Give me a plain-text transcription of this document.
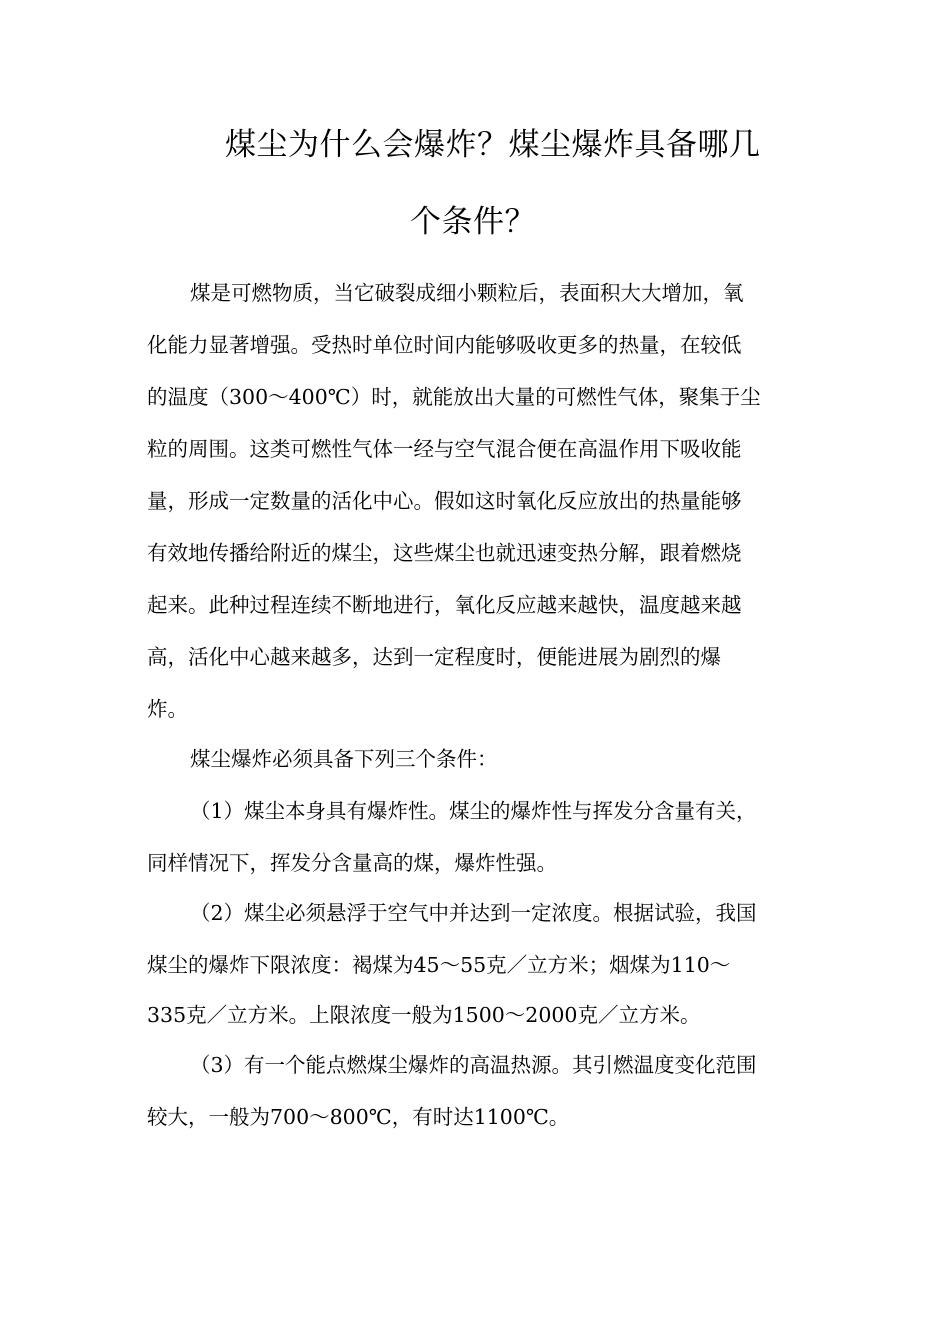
煤尘为什么会爆炸？煤尘爆炸具备哪几
个条件？
煤是可燃物质，当它破裂成细小颗粒后，表面积大大增加，氧
化能力显著增强。受热时单位时间内能够吸收更多的热量，在较低
的温度（300～400℃）时，就能放出大量的可燃性气体，聚集于尘
粒的周围。这类可燃性气体一经与空气混合便在高温作用下吸收能
量，形成一定数量的活化中心。假如这时氧化反应放出的热量能够
有效地传播给附近的煤尘，这些煤尘也就迅速变热分解，跟着燃烧
起来。此种过程连续不断地进行，氧化反应越来越快，温度越来越
高，活化中心越来越多，达到一定程度时，便能进展为剧烈的爆
炸。
煤尘爆炸必须具备下列三个条件：
（1）煤尘本身具有爆炸性。煤尘的爆炸性与挥发分含量有关，
同样情况下，挥发分含量高的煤，爆炸性强。
（2）煤尘必须悬浮于空气中并达到一定浓度。根据试验，我国
煤尘的爆炸下限浓度：褐煤为45～55克／立方米；烟煤为110～
335克／立方米。上限浓度一般为1500～2000克／立方米。
（3）有一个能点燃煤尘爆炸的高温热源。其引燃温度变化范围
较大，一般为700～800℃，有时达1100℃。
